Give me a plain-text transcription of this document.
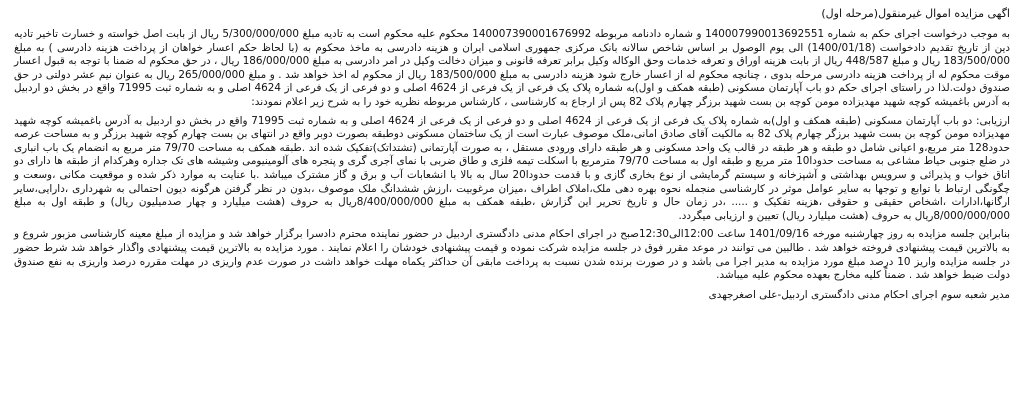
اگهی مزایده اموال غیرمنقول(مرحله اول)

به موجب درخواست اجرای حکم به شماره 140007990013692551 و شماره دادنامه مربوطه 140007390001676992 محکوم علیه محکوم است به تادیه مبلغ 5/300/000/000 ریال از بابت اصل خواسته و خسارت تاخیر تادیه دین از تاریخ تقدیم دادخواست (1400/01/18) الی یوم الوصول بر اساس شاخص سالانه بانک مرکزی جمهوری اسلامی ایران و هزینه دادرسی به ماخذ محکوم به (با لحاظ حکم اعسار خواهان از پرداخت هزینه دادرسی ) به مبلغ 183/500/000 ریال و مبلغ 448/587 ریال از بابت هزینه اوراق و تعرفه خدمات وحق الوکاله وکیل برابر تعرفه قانونی و میزان دخالت وکیل در امر دادرسی به مبلغ 186/000/000 ریال ، در حق محکوم له ضمنا با توجه به قبول اعسار موقت محکوم له از پرداخت هزینه دادرسی مرحله بدوی ، چنانچه محکوم له از اعسار خارج شود هزینه دادرسی به مبلغ 183/500/000 ریال از محکوم له اخذ خواهد شد . و مبلغ 265/000/000 ریال به عنوان نیم عشر دولتی در حق صندوق دولت.لذا در راستای اجرای حکم دو باب آپارتمان مسکونی (طبقه همکف و اول)به شماره پلاک یک فرعی از یک فرعی از 4624 اصلی و دو فرعی از یک فرعی از 4624 اصلی و به شماره ثبت 71995 واقع در بخش دو اردبیل به آدرس باغمیشه کوچه شهید مهدیزاده مومن کوچه بن بست شهید برزگر چهارم پلاک 82 پس از ارجاع به کارشناسی ، کارشناس مربوطه نظریه خود را به شرح زیر اعلام نمودند:

ارزیابی: دو باب آپارتمان مسکونی (طبقه همکف و اول)به شماره پلاک یک فرعی از یک فرعی از 4624 اصلی و دو فرعی از یک فرعی از 4624 اصلی و به شماره ثبت 71995 واقع در بخش دو اردبیل به آدرس باغمیشه کوچه شهید مهدیزاده مومن کوچه بن بست شهید برزگر چهارم پلاک 82 به مالکیت آقای صادق امانی،ملک موصوف عبارت است از یک ساختمان مسکونی دوطبقه بصورت دوبر واقع در انتهای بن بست چهارم کوچه شهید برزگر و به مساحت عرصه حدود128 متر مربع،و اعیانی شامل دو طبقه و هر طبقه در قالب یک واحد مسکونی و هر طبقه دارای ورودی مستقل ، به صورت آپارتمانی (تشتداتک)تفکیک شده اند .طبقه همکف به مساحت 79/70 متر مربع به انضمام یک باب انباری در ضلع جنوبی حیاط مشاعی به مساحت حدودا10 متر مربع و طبقه اول به مساحت 79/70 مترمربع با اسکلت تیمه فلزی و طاق ضربی با نمای آجری گری و پنجره های آلومینیومی وشیشه های تک جداره وهرکدام از طبقه ها دارای دو اتاق خواب و پذیرائی و سرویس بهداشتی و آشپزخانه و سیستم گرمایشی از نوع بخاری گازی و با قدمت حدودا20 سال به بالا با انشعابات آب و برق و گاز مشترک میباشد .با عنایت به موارد ذکر شده و موقعیت مکانی ،وسعت و چگونگی ارتباط با توابع و توجها به سایر عوامل موثر در کارشناسی منجمله نحوه بهره دهی ملک،املاک اطراف ،میزان مرغوبیت ،ارزش ششدانگ ملک موصوف ،بدون در نظر گرفتن هرگونه دیون احتمالی به شهرداری ،دارایی،سایر ارگانها،ادارات ،اشخاص حقیقی و حقوقی ،هزینه تفکیک و ..... ،در زمان حال و تاریخ تحریر این گزارش ،طبقه همکف به مبلغ 8/400/000/000ریال به حروف (هشت میلیارد و چهار صدمیلیون ریال) و طبقه اول به مبلغ 8/000/000/000ریال به حروف (هشت میلیارد ریال) تعیین و ارزیابی میگردد.

بنابراین جلسه مزایده به روز چهارشنبه مورخه 1401/09/16 ساعت 12:00الی12:30صبح در اجرای احکام مدنی دادگستری اردبیل در حضور نماینده محترم دادسرا برگزار خواهد شد و مزایده از مبلغ معینه کارشناسی مزبور شروع و به بالاترین قیمت پیشنهادی فروخته خواهد شد . طالبین می توانند در موعد مقرر فوق در جلسه مزایده شرکت نموده و قیمت پیشنهادی خودشان را اعلام نمایند . مورد مزایده به بالاترین قیمت پیشنهادی واگذار خواهد شد شرط حضور در جلسه مزایده واریز 10 درصد مبلغ مورد مزایده به مدیر اجرا می باشد و در صورت برنده شدن نسبت به پرداخت مابقی آن حداکثر یکماه مهلت خواهد داشت در صورت عدم واریزی در مهلت مقرره درصد واریزی به نفع صندوق دولت ضبط خواهد شد . ضمناً کلیه مخارج بعهده محکوم علیه میباشد.

مدیر شعبه سوم اجرای احکام مدنی دادگستری اردبیل-علی اصغرجهدی
